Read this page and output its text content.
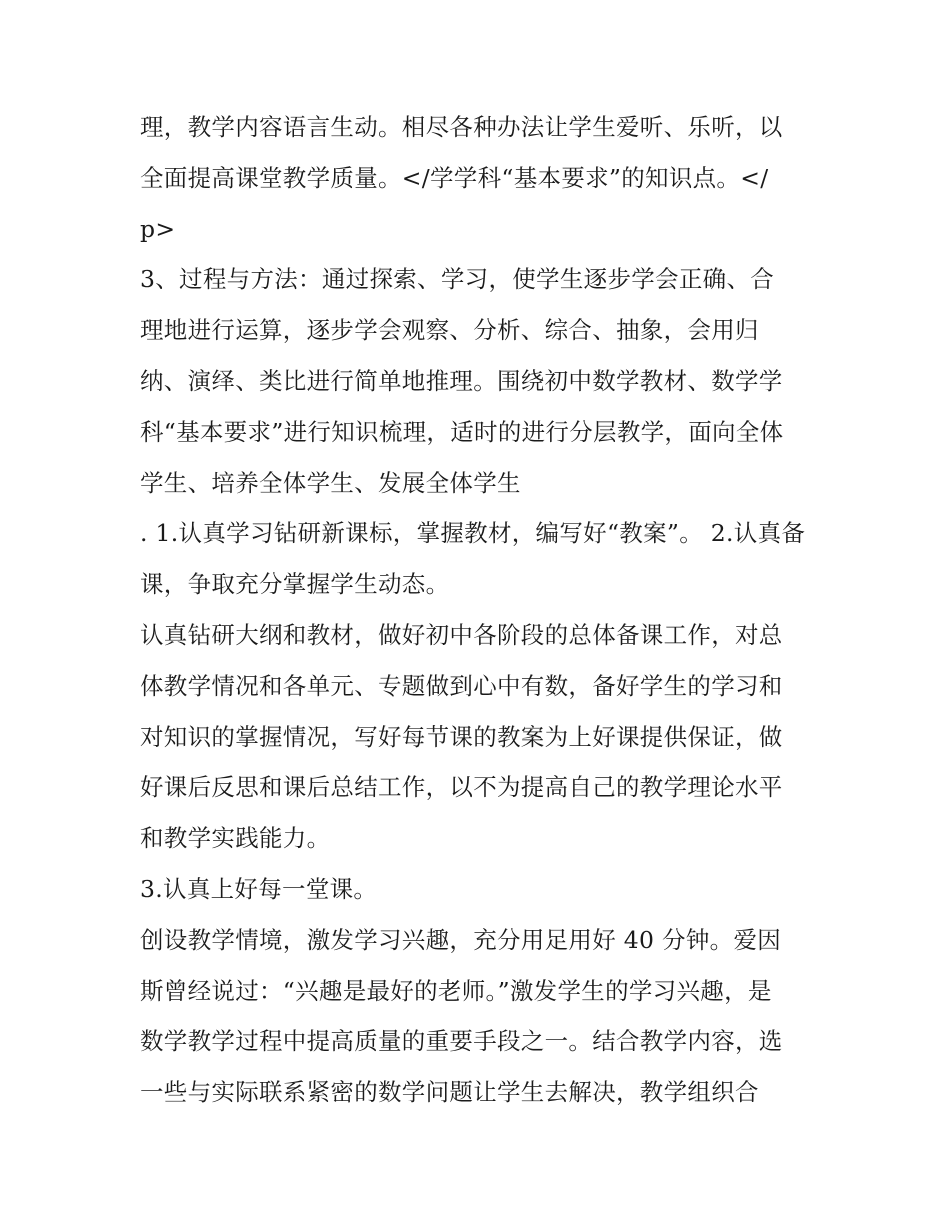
理，教学内容语言生动。相尽各种办法让学生爱听、乐听，以
全面提高课堂教学质量。</学学科“基本要求”的知识点。</
p>
3、过程与方法：通过探索、学习，使学生逐步学会正确、合
理地进行运算，逐步学会观察、分析、综合、抽象，会用归
纳、演绎、类比进行简单地推理。围绕初中数学教材、数学学
科“基本要求”进行知识梳理，适时的进行分层教学，面向全体
学生、培养全体学生、发展全体学生
. 1.认真学习钻研新课标，掌握教材，编写好“教案”。 2.认真备
课，争取充分掌握学生动态。
认真钻研大纲和教材，做好初中各阶段的总体备课工作，对总
体教学情况和各单元、专题做到心中有数，备好学生的学习和
对知识的掌握情况，写好每节课的教案为上好课提供保证，做
好课后反思和课后总结工作，以不为提高自己的教学理论水平
和教学实践能力。
3.认真上好每一堂课。
创设教学情境，激发学习兴趣，充分用足用好 40 分钟。爱因
斯曾经说过：“兴趣是最好的老师。”激发学生的学习兴趣，是
数学教学过程中提高质量的重要手段之一。结合教学内容，选
一些与实际联系紧密的数学问题让学生去解决，教学组织合
